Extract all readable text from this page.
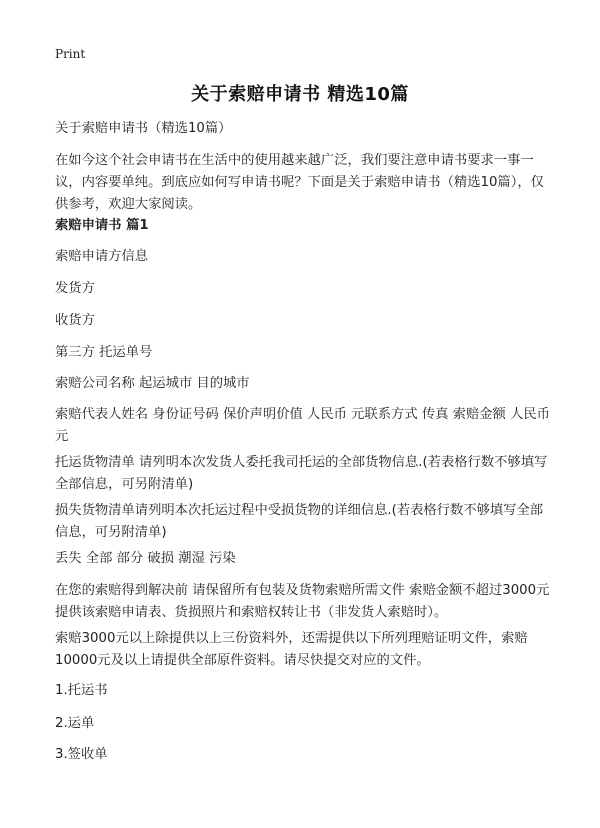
Print
关于索赔申请书 精选10篇
关于索赔申请书（精选10篇）
在如今这个社会申请书在生活中的使用越来越广泛，我们要注意申请书要求一事一议，内容要单纯。到底应如何写申请书呢？下面是关于索赔申请书（精选10篇），仅供参考，欢迎大家阅读。
索赔申请书 篇1
索赔申请方信息
发货方
收货方
第三方 托运单号
索赔公司名称 起运城市 目的城市
索赔代表人姓名 身份证号码 保价声明价值 人民币 元联系方式 传真 索赔金额 人民币 元
托运货物清单 请列明本次发货人委托我司托运的全部货物信息.(若表格行数不够填写全部信息，可另附清单)
损失货物清单请列明本次托运过程中受损货物的详细信息.(若表格行数不够填写全部信息，可另附清单)
丢失 全部 部分 破损 潮湿 污染
在您的索赔得到解决前 请保留所有包装及货物索赔所需文件 索赔金额不超过3000元提供该索赔申请表、货损照片和索赔权转让书（非发货人索赔时）。
索赔3000元以上除提供以上三份资料外，还需提供以下所列理赔证明文件，索赔10000元及以上请提供全部原件资料。请尽快提交对应的文件。
1.托运书
2.运单
3.签收单
